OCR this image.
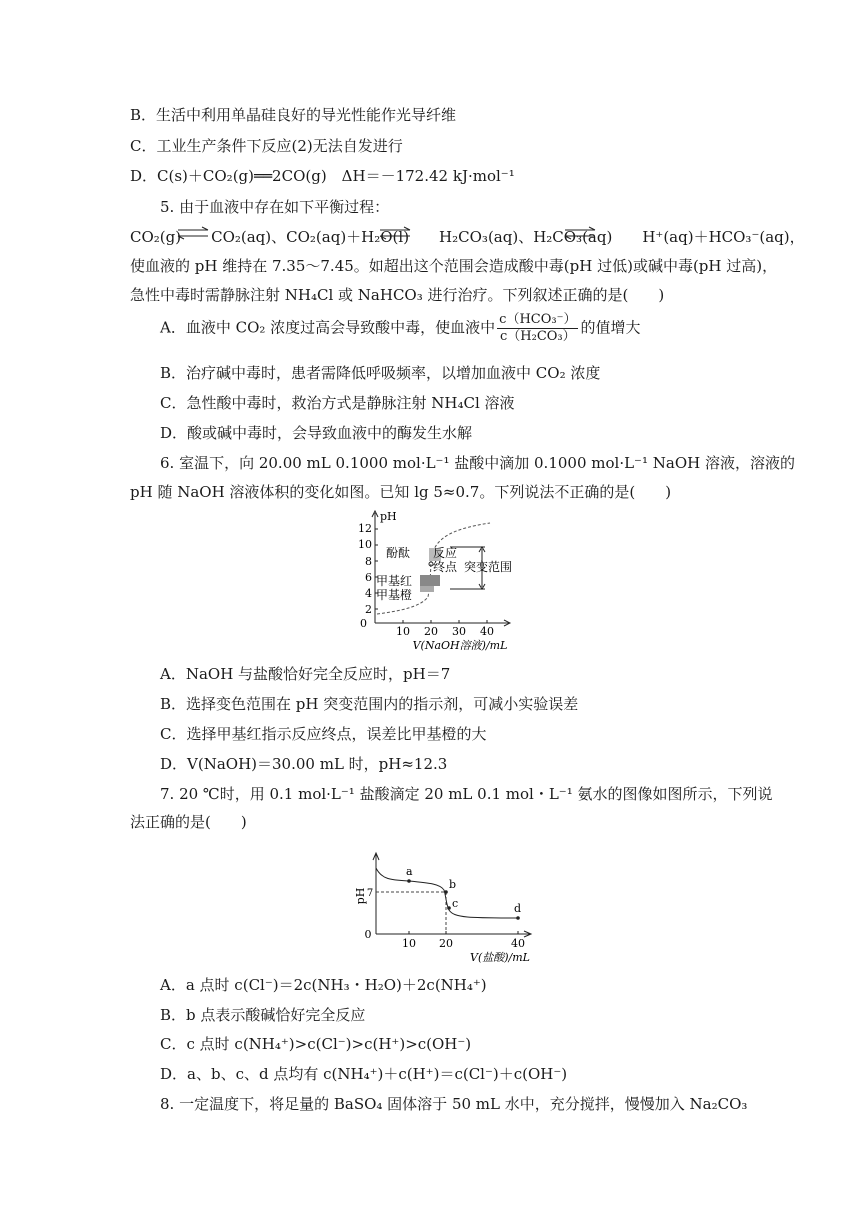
B．生活中利用单晶硅良好的导光性能作光导纤维
C．工业生产条件下反应(2)无法自发进行
D．C(s)＋CO₂(g)══2CO(g)　ΔH＝－172.42 kJ·mol⁻¹
5. 由于血液中存在如下平衡过程：
CO₂(g)　　CO₂(aq)、CO₂(aq)＋H₂O(l)　　H₂CO₃(aq)、H₂CO₃(aq)　　H⁺(aq)＋HCO₃⁻(aq)，
使血液的 pH 维持在 7.35～7.45。如超出这个范围会造成酸中毒(pH 过低)或碱中毒(pH 过高)，
急性中毒时需静脉注射 NH₄Cl 或 NaHCO₃ 进行治疗。下列叙述正确的是(　　)
A．血液中 CO₂ 浓度过高会导致酸中毒，使血液中 $\frac{\text{c（HCO₃⁻）}}{\text{c（H₂CO₃）}}$ 的值增大
B．治疗碱中毒时，患者需降低呼吸频率，以增加血液中 CO₂ 浓度
C．急性酸中毒时，救治方式是静脉注射 NH₄Cl 溶液
D．酸或碱中毒时，会导致血液中的酶发生水解
6. 室温下，向 20.00 mL 0.1000 mol·L⁻¹ 盐酸中滴加 0.1000 mol·L⁻¹ NaOH 溶液，溶液的
pH 随 NaOH 溶液体积的变化如图。已知 lg 5≈0.7。下列说法不正确的是(　　)
pH
12
10
8
6
4
2
0
10 20 30 40
V(NaOH溶液)/mL
酚酞 反应
终点 突变范围
甲基红
甲基橙
A．NaOH 与盐酸恰好完全反应时，pH＝7
B．选择变色范围在 pH 突变范围内的指示剂，可减小实验误差
C．选择甲基红指示反应终点，误差比甲基橙的大
D．V(NaOH)＝30.00 mL 时，pH≈12.3
7. 20 ℃时，用 0.1 mol·L⁻¹ 盐酸滴定 20 mL 0.1 mol・L⁻¹ 氨水的图像如图所示，下列说
法正确的是(　　)
pH 7
0
10 20	40
V(盐酸)/mL
a
b
c	d
A．a 点时 c(Cl⁻)＝2c(NH₃・H₂O)＋2c(NH₄⁺)
B．b 点表示酸碱恰好完全反应
C．c 点时 c(NH₄⁺)>c(Cl⁻)>c(H⁺)>c(OH⁻)
D．a、b、c、d 点均有 c(NH₄⁺)＋c(H⁺)＝c(Cl⁻)＋c(OH⁻)
8. 一定温度下，将足量的 BaSO₄ 固体溶于 50 mL 水中，充分搅拌，慢慢加入 Na₂CO₃
